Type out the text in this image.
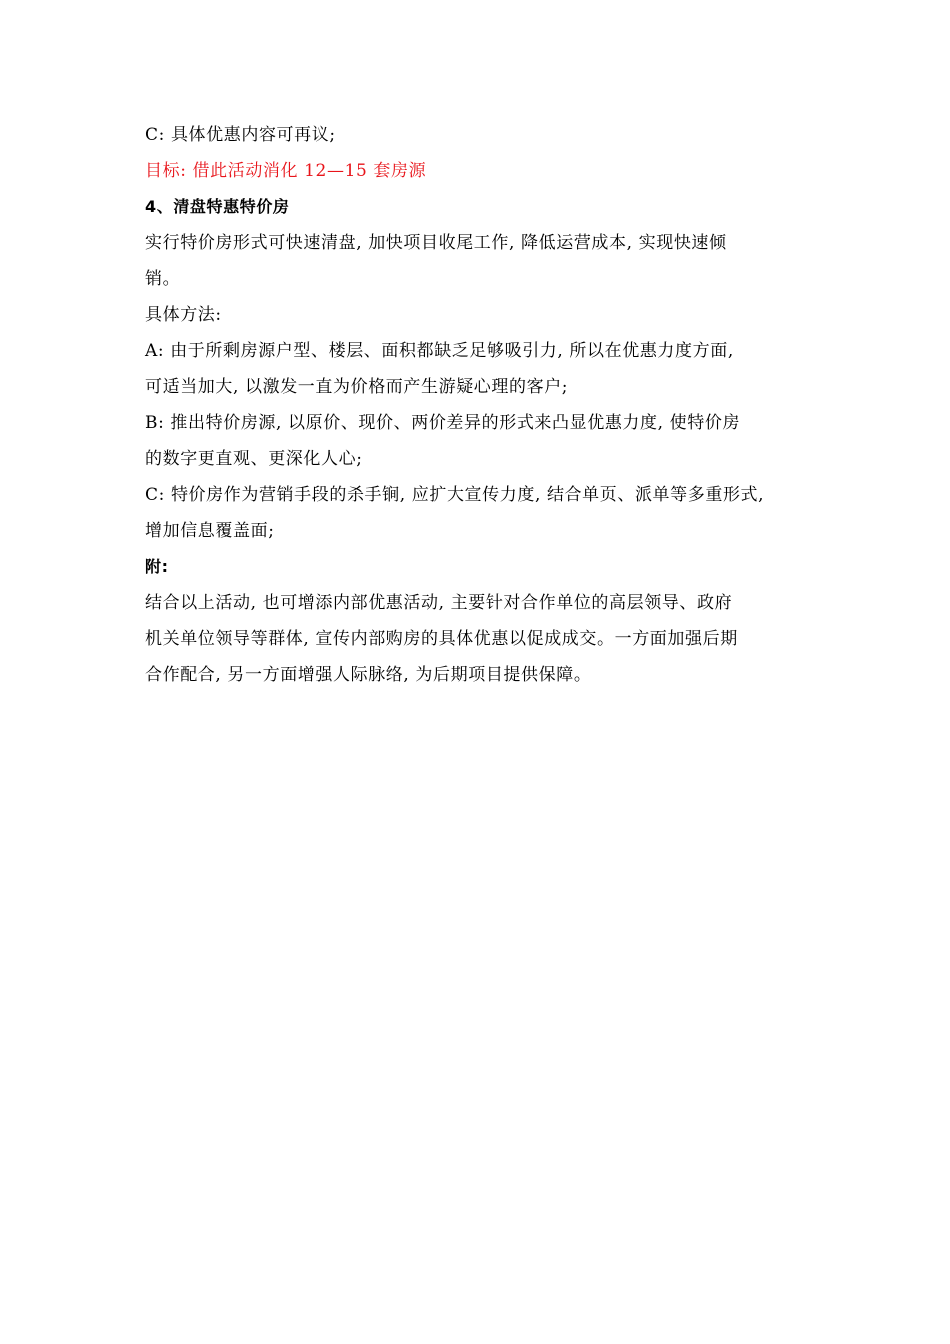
C: 具体优惠内容可再议;
目标: 借此活动消化 12—15 套房源
4、清盘特惠特价房
实行特价房形式可快速清盘, 加快项目收尾工作, 降低运营成本, 实现快速倾
销。
具体方法:
A: 由于所剩房源户型、楼层、面积都缺乏足够吸引力, 所以在优惠力度方面,
可适当加大, 以激发一直为价格而产生游疑心理的客户;
B: 推出特价房源, 以原价、现价、两价差异的形式来凸显优惠力度, 使特价房
的数字更直观、更深化人心;
C: 特价房作为营销手段的杀手锏, 应扩大宣传力度, 结合单页、派单等多重形式,
增加信息覆盖面;
附:
结合以上活动, 也可增添内部优惠活动, 主要针对合作单位的高层领导、政府
机关单位领导等群体, 宣传内部购房的具体优惠以促成成交。一方面加强后期
合作配合, 另一方面增强人际脉络, 为后期项目提供保障。
